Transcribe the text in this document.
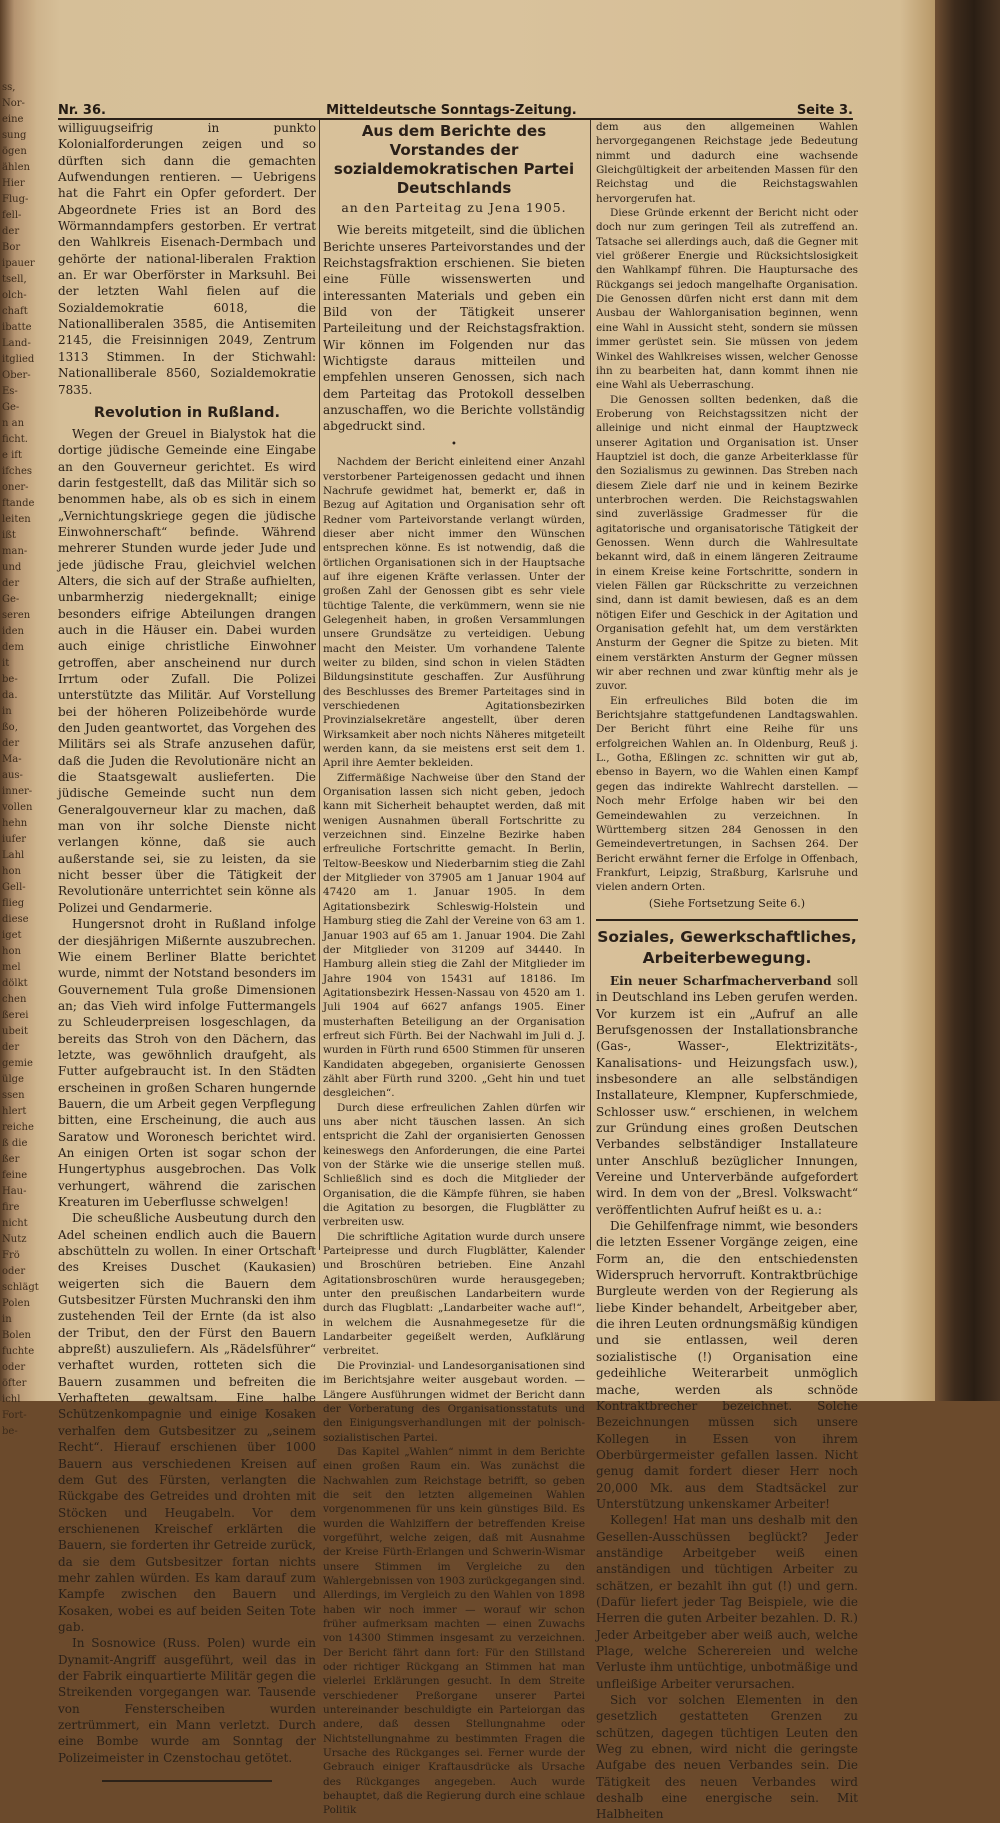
ss,
Nor-
eine
sung
ögen
ählen
Hier
Flug-
fell-
der
Bor
ipauer
tsell,
olch-
chaft
ibatte
Land-
itglied
Ober-
Es-
Ge-
n an
ficht.
e ift
ifches
oner-
ftande
leiten
ißt
man-
und
der
Ge-
seren
iden
dem
it
be-
da.
in
ßo,
der
Ma-
aus-
inner-
vollen
hehn
iufer
Lahl
hon
Gell-
flieg
diese
iget
hon
mel
dölkt
chen
ßerei
ubeit
der
gemie
ülge
ssen
hlert
reiche
ß die
ßer
feine
Hau-
fire
nicht
Nutz
Frö
oder
schlägt
Polen
in
Bolen
fuchte
oder
öfter
ichl
Fort-
be-
Nr. 36.	Mitteldeutsche Sonntags-Zeitung.	Seite 3.

williguugseifrig in punkto Kolonialforderungen zeigen und so dürften sich dann die gemachten Aufwendungen rentieren. — Uebrigens hat die Fahrt ein Opfer gefordert. Der Abgeordnete Fries ist an Bord des Wörmanndampfers gestorben. Er vertrat den Wahlkreis Eisenach-Dermbach und gehörte der national-liberalen Fraktion an. Er war Oberförster in Marksuhl. Bei der letzten Wahl fielen auf die Sozialdemokratie 6018, die Nationalliberalen 3585, die Antisemiten 2145, die Freisinnigen 2049, Zentrum 1313 Stimmen. In der Stichwahl: Nationalliberale 8560, Sozialdemokratie 7835.

Revolution in Rußland.

Wegen der Greuel in Bialystok hat die dortige jüdische Gemeinde eine Eingabe an den Gouverneur gerichtet. Es wird darin festgestellt, daß das Militär sich so benommen habe, als ob es sich in einem „Vernichtungskriege gegen die jüdische Einwohnerschaft“ befinde. Während mehrerer Stunden wurde jeder Jude und jede jüdische Frau, gleichviel welchen Alters, die sich auf der Straße aufhielten, unbarmherzig niedergeknallt; einige besonders eifrige Abteilungen drangen auch in die Häuser ein. Dabei wurden auch einige christliche Einwohner getroffen, aber anscheinend nur durch Irrtum oder Zufall. Die Polizei unterstützte das Militär. Auf Vorstellung bei der höheren Polizeibehörde wurde den Juden geantwortet, das Vorgehen des Militärs sei als Strafe anzusehen dafür, daß die Juden die Revolutionäre nicht an die Staatsgewalt auslieferten. Die jüdische Gemeinde sucht nun dem Generalgouverneur klar zu machen, daß man von ihr solche Dienste nicht verlangen könne, daß sie auch außerstande sei, sie zu leisten, da sie nicht besser über die Tätigkeit der Revolutionäre unterrichtet sein könne als Polizei und Gendarmerie.

Hungersnot droht in Rußland infolge der diesjährigen Mißernte auszubrechen. Wie einem Berliner Blatte berichtet wurde, nimmt der Notstand besonders im Gouvernement Tula große Dimensionen an; das Vieh wird infolge Futtermangels zu Schleuderpreisen losgeschlagen, da bereits das Stroh von den Dächern, das letzte, was gewöhnlich draufgeht, als Futter aufgebraucht ist. In den Städten erscheinen in großen Scharen hungernde Bauern, die um Arbeit gegen Verpflegung bitten, eine Erscheinung, die auch aus Saratow und Woronesch berichtet wird. An einigen Orten ist sogar schon der Hungertyphus ausgebrochen. Das Volk verhungert, während die zarischen Kreaturen im Ueberflusse schwelgen!

Die scheußliche Ausbeutung durch den Adel scheinen endlich auch die Bauern abschütteln zu wollen. In einer Ortschaft des Kreises Duschet (Kaukasien) weigerten sich die Bauern dem Gutsbesitzer Fürsten Muchranski den ihm zustehenden Teil der Ernte (da ist also der Tribut, den der Fürst den Bauern abpreßt) auszuliefern. Als „Rädelsführer“ verhaftet wurden, rotteten sich die Bauern zusammen und befreiten die Verhafteten gewaltsam. Eine halbe Schützenkompagnie und einige Kosaken verhalfen dem Gutsbesitzer zu „seinem Recht“. Hierauf erschienen über 1000 Bauern aus verschiedenen Kreisen auf dem Gut des Fürsten, verlangten die Rückgabe des Getreides und drohten mit Stöcken und Heugabeln. Vor dem erschienenen Kreischef erklärten die Bauern, sie forderten ihr Getreide zurück, da sie dem Gutsbesitzer fortan nichts mehr zahlen würden. Es kam darauf zum Kampfe zwischen den Bauern und Kosaken, wobei es auf beiden Seiten Tote gab.

In Sosnowice (Russ. Polen) wurde ein Dynamit-Angriff ausgeführt, weil das in der Fabrik einquartierte Militär gegen die Streikenden vorgegangen war. Tausende von Fensterscheiben wurden zertrümmert, ein Mann verletzt. Durch eine Bombe wurde am Sonntag der Polizeimeister in Czenstochau getötet.

Aus dem Berichte des Vorstandes der sozialdemokratischen Partei Deutschlands
an den Parteitag zu Jena 1905.

Wie bereits mitgeteilt, sind die üblichen Berichte unseres Parteivorstandes und der Reichstagsfraktion erschienen. Sie bieten eine Fülle wissenswerten und interessanten Materials und geben ein Bild von der Tätigkeit unserer Parteileitung und der Reichstagsfraktion. Wir können im Folgenden nur das Wichtigste daraus mitteilen und empfehlen unseren Genossen, sich nach dem Parteitag das Protokoll desselben anzuschaffen, wo die Berichte vollständig abgedruckt sind.

•

Nachdem der Bericht einleitend einer Anzahl verstorbener Parteigenossen gedacht und ihnen Nachrufe gewidmet hat, bemerkt er, daß in Bezug auf Agitation und Organisation sehr oft Redner vom Parteivorstande verlangt würden, dieser aber nicht immer den Wünschen entsprechen könne. Es ist notwendig, daß die örtlichen Organisationen sich in der Hauptsache auf ihre eigenen Kräfte verlassen. Unter der großen Zahl der Genossen gibt es sehr viele tüchtige Talente, die verkümmern, wenn sie nie Gelegenheit haben, in großen Versammlungen unsere Grundsätze zu verteidigen. Uebung macht den Meister. Um vorhandene Talente weiter zu bilden, sind schon in vielen Städten Bildungsinstitute geschaffen. Zur Ausführung des Beschlusses des Bremer Parteitages sind in verschiedenen Agitationsbezirken Provinzialsekretäre angestellt, über deren Wirksamkeit aber noch nichts Näheres mitgeteilt werden kann, da sie meistens erst seit dem 1. April ihre Aemter bekleiden.

Ziffermäßige Nachweise über den Stand der Organisation lassen sich nicht geben, jedoch kann mit Sicherheit behauptet werden, daß mit wenigen Ausnahmen überall Fortschritte zu verzeichnen sind. Einzelne Bezirke haben erfreuliche Fortschritte gemacht. In Berlin, Teltow-Beeskow und Niederbarnim stieg die Zahl der Mitglieder von 37905 am 1 Januar 1904 auf 47420 am 1. Januar 1905. In dem Agitationsbezirk Schleswig-Holstein und Hamburg stieg die Zahl der Vereine von 63 am 1. Januar 1903 auf 65 am 1. Januar 1904. Die Zahl der Mitglieder von 31209 auf 34440. In Hamburg allein stieg die Zahl der Mitglieder im Jahre 1904 von 15431 auf 18186. Im Agitationsbezirk Hessen-Nassau von 4520 am 1. Juli 1904 auf 6627 anfangs 1905. Einer musterhaften Beteiligung an der Organisation erfreut sich Fürth. Bei der Nachwahl im Juli d. J. wurden in Fürth rund 6500 Stimmen für unseren Kandidaten abgegeben, organisierte Genossen zählt aber Fürth rund 3200. „Geht hin und tuet desgleichen“.

Durch diese erfreulichen Zahlen dürfen wir uns aber nicht täuschen lassen. An sich entspricht die Zahl der organisierten Genossen keineswegs den Anforderungen, die eine Partei von der Stärke wie die unserige stellen muß. Schließlich sind es doch die Mitglieder der Organisation, die die Kämpfe führen, sie haben die Agitation zu besorgen, die Flugblätter zu verbreiten usw.

Die schriftliche Agitation wurde durch unsere Parteipresse und durch Flugblätter, Kalender und Broschüren betrieben. Eine Anzahl Agitationsbroschüren wurde herausgegeben; unter den preußischen Landarbeitern wurde durch das Flugblatt: „Landarbeiter wache auf!“, in welchem die Ausnahmegesetze für die Landarbeiter gegeißelt werden, Aufklärung verbreitet.

Die Provinzial- und Landesorganisationen sind im Berichtsjahre weiter ausgebaut worden. — Längere Ausführungen widmet der Bericht dann der Vorberatung des Organisationsstatuts und den Einigungsverhandlungen mit der polnisch-sozialistischen Partei.

Das Kapitel „Wahlen“ nimmt in dem Berichte einen großen Raum ein. Was zunächst die Nachwahlen zum Reichstage betrifft, so geben die seit den letzten allgemeinen Wahlen vorgenommenen für uns kein günstiges Bild. Es wurden die Wahlziffern der betreffenden Kreise vorgeführt, welche zeigen, daß mit Ausnahme der Kreise Fürth-Erlangen und Schwerin-Wismar unsere Stimmen im Vergleiche zu den Wahlergebnissen von 1903 zurückgegangen sind. Allerdings, im Vergleich zu den Wahlen von 1898 haben wir noch immer — worauf wir schon früher aufmerksam machten — einen Zuwachs von 14300 Stimmen insgesamt zu verzeichnen. Der Bericht fährt dann fort: Für den Stillstand oder richtiger Rückgang an Stimmen hat man vielerlei Erklärungen gesucht. In dem Streite verschiedener Preßorgane unserer Partei untereinander beschuldigte ein Parteiorgan das andere, daß dessen Stellungnahme oder Nichtstellungnahme zu bestimmten Fragen die Ursache des Rückganges sei. Ferner wurde der Gebrauch einiger Kraftausdrücke als Ursache des Rückganges angegeben. Auch wurde behauptet, daß die Regierung durch eine schlaue Politik

dem aus den allgemeinen Wahlen hervorgegangenen Reichstage jede Bedeutung nimmt und dadurch eine wachsende Gleichgültigkeit der arbeitenden Massen für den Reichstag und die Reichstagswahlen hervorgerufen hat.

Diese Gründe erkennt der Bericht nicht oder doch nur zum geringen Teil als zutreffend an. Tatsache sei allerdings auch, daß die Gegner mit viel größerer Energie und Rücksichtslosigkeit den Wahlkampf führen. Die Hauptursache des Rückgangs sei jedoch mangelhafte Organisation. Die Genossen dürfen nicht erst dann mit dem Ausbau der Wahlorganisation beginnen, wenn eine Wahl in Aussicht steht, sondern sie müssen immer gerüstet sein. Sie müssen von jedem Winkel des Wahlkreises wissen, welcher Genosse ihn zu bearbeiten hat, dann kommt ihnen nie eine Wahl als Ueberraschung.

Die Genossen sollten bedenken, daß die Eroberung von Reichstagssitzen nicht der alleinige und nicht einmal der Hauptzweck unserer Agitation und Organisation ist. Unser Hauptziel ist doch, die ganze Arbeiterklasse für den Sozialismus zu gewinnen. Das Streben nach diesem Ziele darf nie und in keinem Bezirke unterbrochen werden. Die Reichstagswahlen sind zuverlässige Gradmesser für die agitatorische und organisatorische Tätigkeit der Genossen. Wenn durch die Wahlresultate bekannt wird, daß in einem längeren Zeitraume in einem Kreise keine Fortschritte, sondern in vielen Fällen gar Rückschritte zu verzeichnen sind, dann ist damit bewiesen, daß es an dem nötigen Eifer und Geschick in der Agitation und Organisation gefehlt hat, um dem verstärkten Ansturm der Gegner die Spitze zu bieten. Mit einem verstärkten Ansturm der Gegner müssen wir aber rechnen und zwar künftig mehr als je zuvor.

Ein erfreuliches Bild boten die im Berichtsjahre stattgefundenen Landtagswahlen. Der Bericht führt eine Reihe für uns erfolgreichen Wahlen an. In Oldenburg, Reuß j. L., Gotha, Eßlingen zc. schnitten wir gut ab, ebenso in Bayern, wo die Wahlen einen Kampf gegen das indirekte Wahlrecht darstellen. — Noch mehr Erfolge haben wir bei den Gemeindewahlen zu verzeichnen. In Württemberg sitzen 284 Genossen in den Gemeindevertretungen, in Sachsen 264. Der Bericht erwähnt ferner die Erfolge in Offenbach, Frankfurt, Leipzig, Straßburg, Karlsruhe und vielen andern Orten.

(Siehe Fortsetzung Seite 6.)
Soziales, Gewerkschaftliches, Arbeiterbewegung.

Ein neuer Scharfmacherverband soll in Deutschland ins Leben gerufen werden. Vor kurzem ist ein „Aufruf an alle Berufsgenossen der Installationsbranche (Gas-, Wasser-, Elektrizitäts-, Kanalisations- und Heizungsfach usw.), insbesondere an alle selbständigen Installateure, Klempner, Kupferschmiede, Schlosser usw.“ erschienen, in welchem zur Gründung eines großen Deutschen Verbandes selbständiger Installateure unter Anschluß bezüglicher Innungen, Vereine und Unterverbände aufgefordert wird. In dem von der „Bresl. Volkswacht“ veröffentlichten Aufruf heißt es u. a.:

Die Gehilfenfrage nimmt, wie besonders die letzten Essener Vorgänge zeigen, eine Form an, die den entschiedensten Widerspruch hervorruft. Kontraktbrüchige Burgleute werden von der Regierung als liebe Kinder behandelt, Arbeitgeber aber, die ihren Leuten ordnungsmäßig kündigen und sie entlassen, weil deren sozialistische (!) Organisation eine gedeihliche Weiterarbeit unmöglich mache, werden als schnöde Kontraktbrecher bezeichnet. Solche Bezeichnungen müssen sich unsere Kollegen in Essen von ihrem Oberbürgermeister gefallen lassen. Nicht genug damit fordert dieser Herr noch 20,000 Mk. aus dem Stadtsäckel zur Unterstützung unkenskamer Arbeiter!

Kollegen! Hat man uns deshalb mit den Gesellen-Ausschüssen beglückt? Jeder anständige Arbeitgeber weiß einen anständigen und tüchtigen Arbeiter zu schätzen, er bezahlt ihn gut (!) und gern. (Dafür liefert jeder Tag Beispiele, wie die Herren die guten Arbeiter bezahlen. D. R.) Jeder Arbeitgeber aber weiß auch, welche Plage, welche Scherereien und welche Verluste ihm untüchtige, unbotmäßige und unfleißige Arbeiter verursachen.

Sich vor solchen Elementen in den gesetzlich gestatteten Grenzen zu schützen, dagegen tüchtigen Leuten den Weg zu ebnen, wird nicht die geringste Aufgabe des neuen Verbandes sein. Die Tätigkeit des neuen Verbandes wird deshalb eine energische sein. Mit Halbheiten
